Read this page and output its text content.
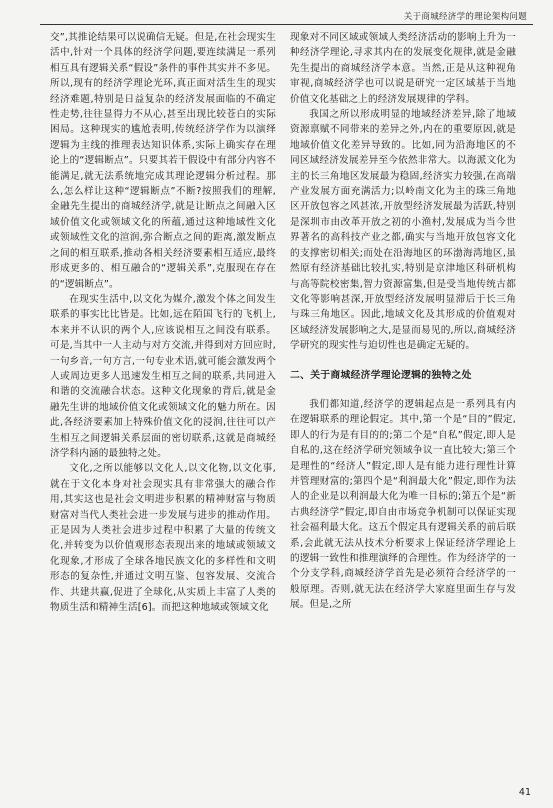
关于商城经济学的理论架构问题

交”,其推论结果可以说确信无疑。但是,在社会现实生活中,针对一个具体的经济学问题,要连续满足一系列相互具有逻辑关系“假设”条件的事件其实并不多见。所以,现有的经济学理论光环,真正面对活生生的现实经济难题,特别是日益复杂的经济发展面临的不确定性走势,往往显得力不从心,甚至出现比较苍白的实际困局。这种现实的尴尬表明,传统经济学作为以演绎逻辑为主线的推理表达知识体系,实际上确实存在理论上的“逻辑断点”。只要其若干假设中有部分内容不能满足,就无法系统地完成其理论逻辑分析过程。那么,怎么样让这种“逻辑断点”不断?按照我们的理解,金融先生提出的商城经济学,就是让断点之间融入区域价值文化或领域文化的所蕴,通过这种地域性文化或领域性文化的渲润,弥合断点之间的距离,激发断点之间的相互联系,推动各相关经济要素相互适应,最终形成更多的、相互融合的“逻辑关系”,克服现在存在的“逻辑断点”。

在现实生活中,以文化为媒介,激发个体之间发生联系的事实比比皆是。比如,远在陌国飞行的飞机上,本来并不认识的两个人,应该说相互之间没有联系。可是,当其中一人主动与对方交流,并得到对方回应时,一句乡音,一句方言,一句专业术语,就可能会激发两个人或周边更多人迅速发生相互之间的联系,共同进入和谐的交流融合状态。这种文化现象的背后,就是金融先生讲的地域价值文化或领域文化的魅力所在。因此,各经济要素加上特殊价值文化的浸润,往往可以产生相互之间逻辑关系层面的密切联系,这就是商城经济学科内涵的最独特之处。

文化,之所以能够以文化人,以文化物,以文化事,就在于文化本身对社会现实具有非常强大的融合作用,其实这也是社会文明进步积累的精神财富与物质财富对当代人类社会进一步发展与进步的推动作用。正是因为人类社会进步过程中积累了大量的传统文化,并转变为以价值观形态表现出来的地域或领域文化现象,才形成了全球各地民族文化的多样性和文明形态的复杂性,并通过文明互鉴、包容发展、交流合作、共建共赢,促进了全球化,从实质上丰富了人类的物质生活和精神生活[6]。而把这种地域或领域文化

现象对不同区域或领域人类经济活动的影响上升为一种经济学理论,寻求其内在的发展变化规律,就是金融先生提出的商城经济学本意。当然,正是从这种视角审视,商城经济学也可以说是研究一定区域基于当地价值文化基础之上的经济发展规律的学科。

我国之所以形成明显的地域经济差异,除了地域资源禀赋不同带来的差异之外,内在的重要原因,就是地域价值文化差异导致的。比如,同为沿海地区的不同区域经济发展差异至今依然非常大。以海派文化为主的长三角地区发展最为稳固,经济实力较强,在高端产业发展方面充满活力;以岭南文化为主的珠三角地区开放包容之风甚浓,开放型经济发展最为活跃,特别是深圳市由改革开放之初的小渔村,发展成为当今世界著名的高科技产业之都,确实与当地开放包容文化的支撑密切相关;而处在沿海地区的环渤海湾地区,虽然原有经济基础比较扎实,特别是京津地区科研机构与高等院校密集,智力资源富集,但是受当地传统古都文化等影响甚深,开放型经济发展明显滞后于长三角与珠三角地区。因此,地域文化及其形成的价值观对区域经济发展影响之大,是显而易见的,所以,商城经济学研究的现实性与迫切性也是确定无疑的。

二、关于商城经济学理论逻辑的独特之处

我们都知道,经济学的逻辑起点是一系列具有内在逻辑联系的理论假定。其中,第一个是“目的”假定,即人的行为是有目的的;第二个是“自私”假定,即人是自私的,这在经济学研究领域争议一直比较大;第三个是理性的“经济人”假定,即人是有能力进行理性计算并管理财富的;第四个是“利润最大化”假定,即作为法人的企业是以利润最大化为唯一目标的;第五个是“新古典经济学”假定,即自由市场竞争机制可以保证实现社会福利最大化。这五个假定具有逻辑关系的前后联系,会此就无法从技术分析要求上保证经济学理论上的逻辑一致性和推理演绎的合理性。作为经济学的一个分支学科,商城经济学首先是必须符合经济学的一般原理。否则,就无法在经济学大家庭里面生存与发展。但是,之所

41
